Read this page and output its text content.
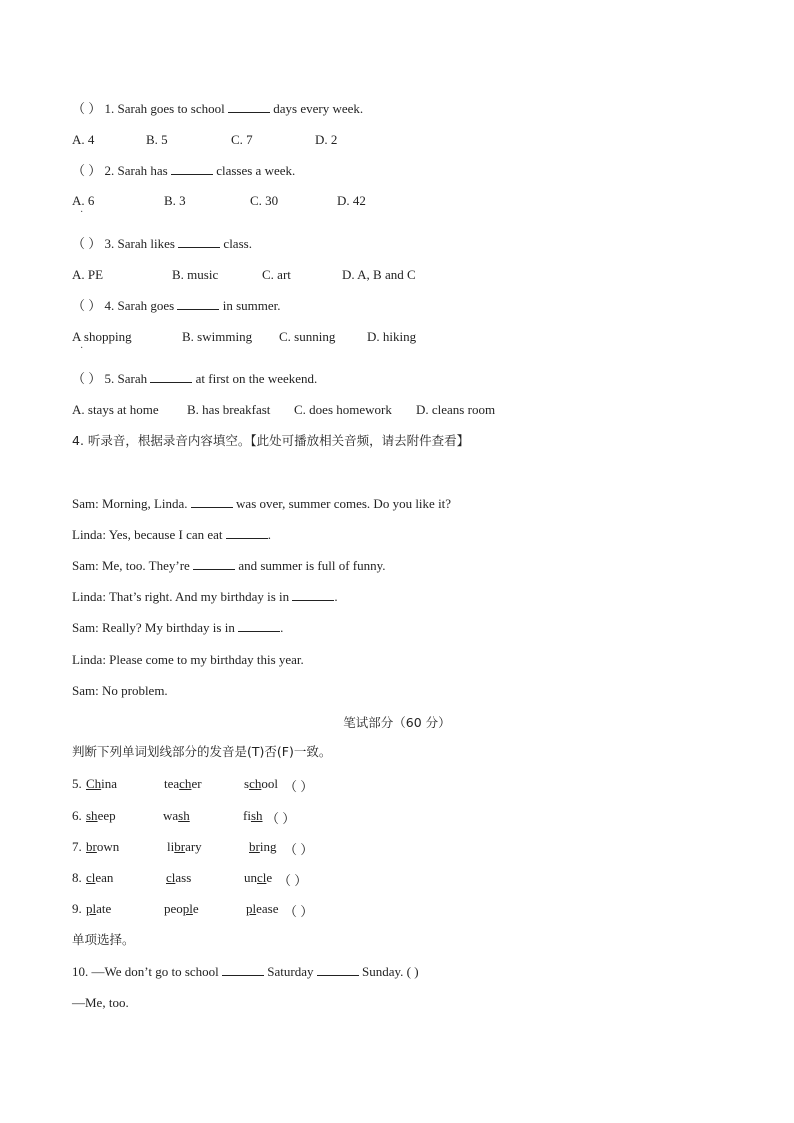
（ ） 1. Sarah goes to school	days every week.
A. 4	B. 5	C. 7	D. 2
（ ） 2. Sarah has	classes a week.
A. 6	B. 3	C. 30	D. 42
·
（ ） 3. Sarah likes	class.
A. PE	B. music	C. art	D. A, B and C
（ ） 4. Sarah goes	in summer.
A shopping	B. swimming C. sunning D. hiking
·
（ ） 5. Sarah	at first on the weekend.
A. stays at home B. has breakfast C. does homework D. cleans room
4. 听录音，根据录音内容填空。【此处可播放相关音频，请去附件查看】
Sam: Morning, Linda.	was over, summer comes. Do you like it?
Linda: Yes, because I can eat	.
Sam: Me, too. They’re	and summer is full of funny.
Linda: That’s right. And my birthday is in	.
Sam: Really? My birthday is in	.
Linda: Please come to my birthday this year.
Sam: No problem.
笔试部分（60 分）
判断下列单词划线部分的发音是(T)否(F)一致。
5. China	teacher	school （ ）
6. sheep	wash	fish （ ）
7. brown	library	bring （ ）
8. clean	class	uncle （ ）
9. plate	people	please （ ）
单项选择。
10. —We don’t go to school	Saturday	Sunday. ( )
—Me, too.
